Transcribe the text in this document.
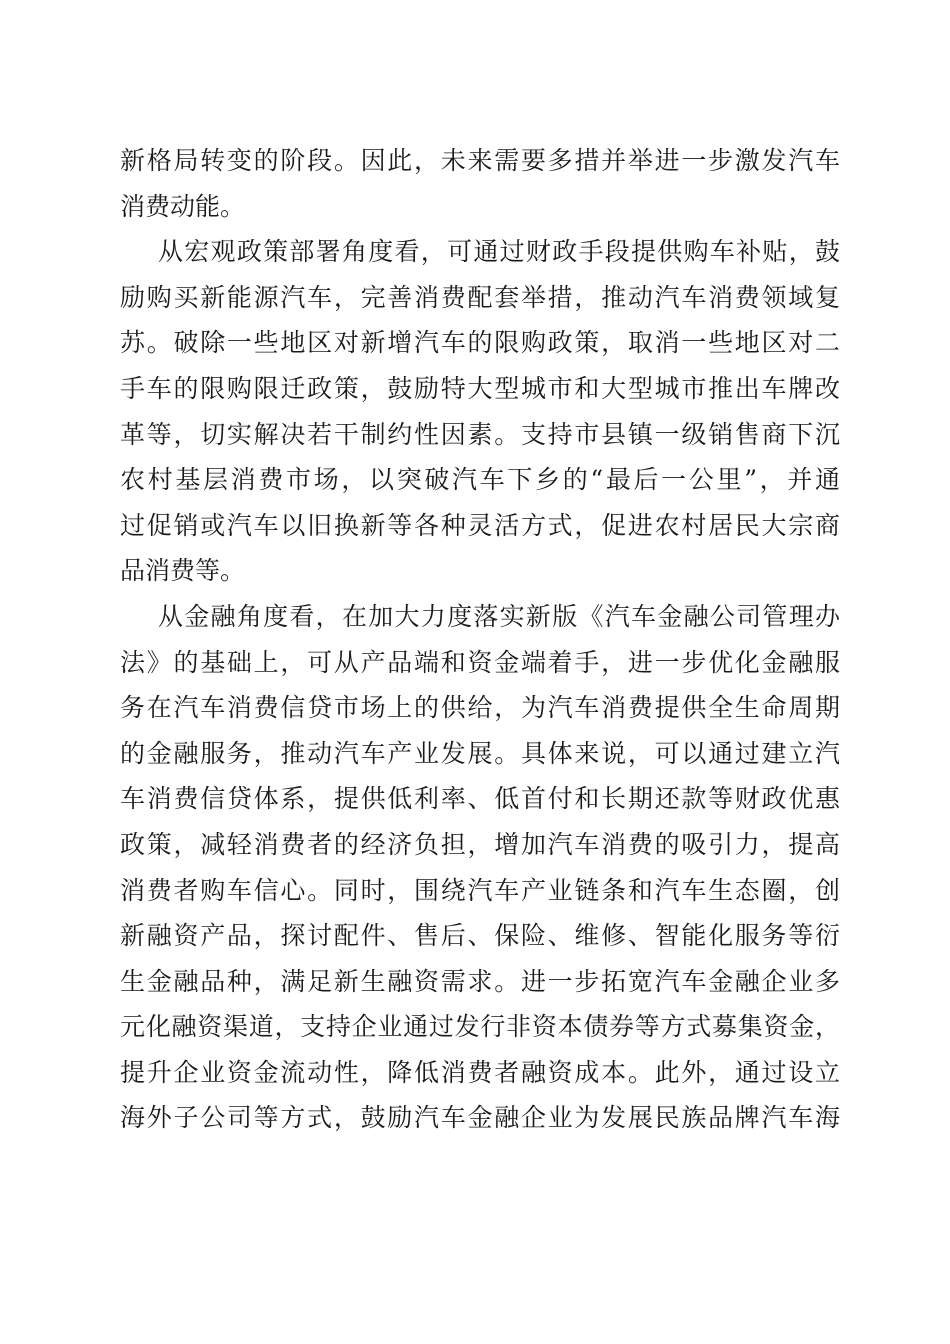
新格局转变的阶段。因此，未来需要多措并举进一步激发汽车
消费动能。
从宏观政策部署角度看，可通过财政手段提供购车补贴，鼓
励购买新能源汽车，完善消费配套举措，推动汽车消费领域复
苏。破除一些地区对新增汽车的限购政策，取消一些地区对二
手车的限购限迁政策，鼓励特大型城市和大型城市推出车牌改
革等，切实解决若干制约性因素。支持市县镇一级销售商下沉
农村基层消费市场，以突破汽车下乡的“最后一公里”，并通
过促销或汽车以旧换新等各种灵活方式，促进农村居民大宗商
品消费等。
从金融角度看，在加大力度落实新版《汽车金融公司管理办
法》的基础上，可从产品端和资金端着手，进一步优化金融服
务在汽车消费信贷市场上的供给，为汽车消费提供全生命周期
的金融服务，推动汽车产业发展。具体来说，可以通过建立汽
车消费信贷体系，提供低利率、低首付和长期还款等财政优惠
政策，减轻消费者的经济负担，增加汽车消费的吸引力，提高
消费者购车信心。同时，围绕汽车产业链条和汽车生态圈，创
新融资产品，探讨配件、售后、保险、维修、智能化服务等衍
生金融品种，满足新生融资需求。进一步拓宽汽车金融企业多
元化融资渠道，支持企业通过发行非资本债券等方式募集资金，
提升企业资金流动性，降低消费者融资成本。此外，通过设立
海外子公司等方式，鼓励汽车金融企业为发展民族品牌汽车海
